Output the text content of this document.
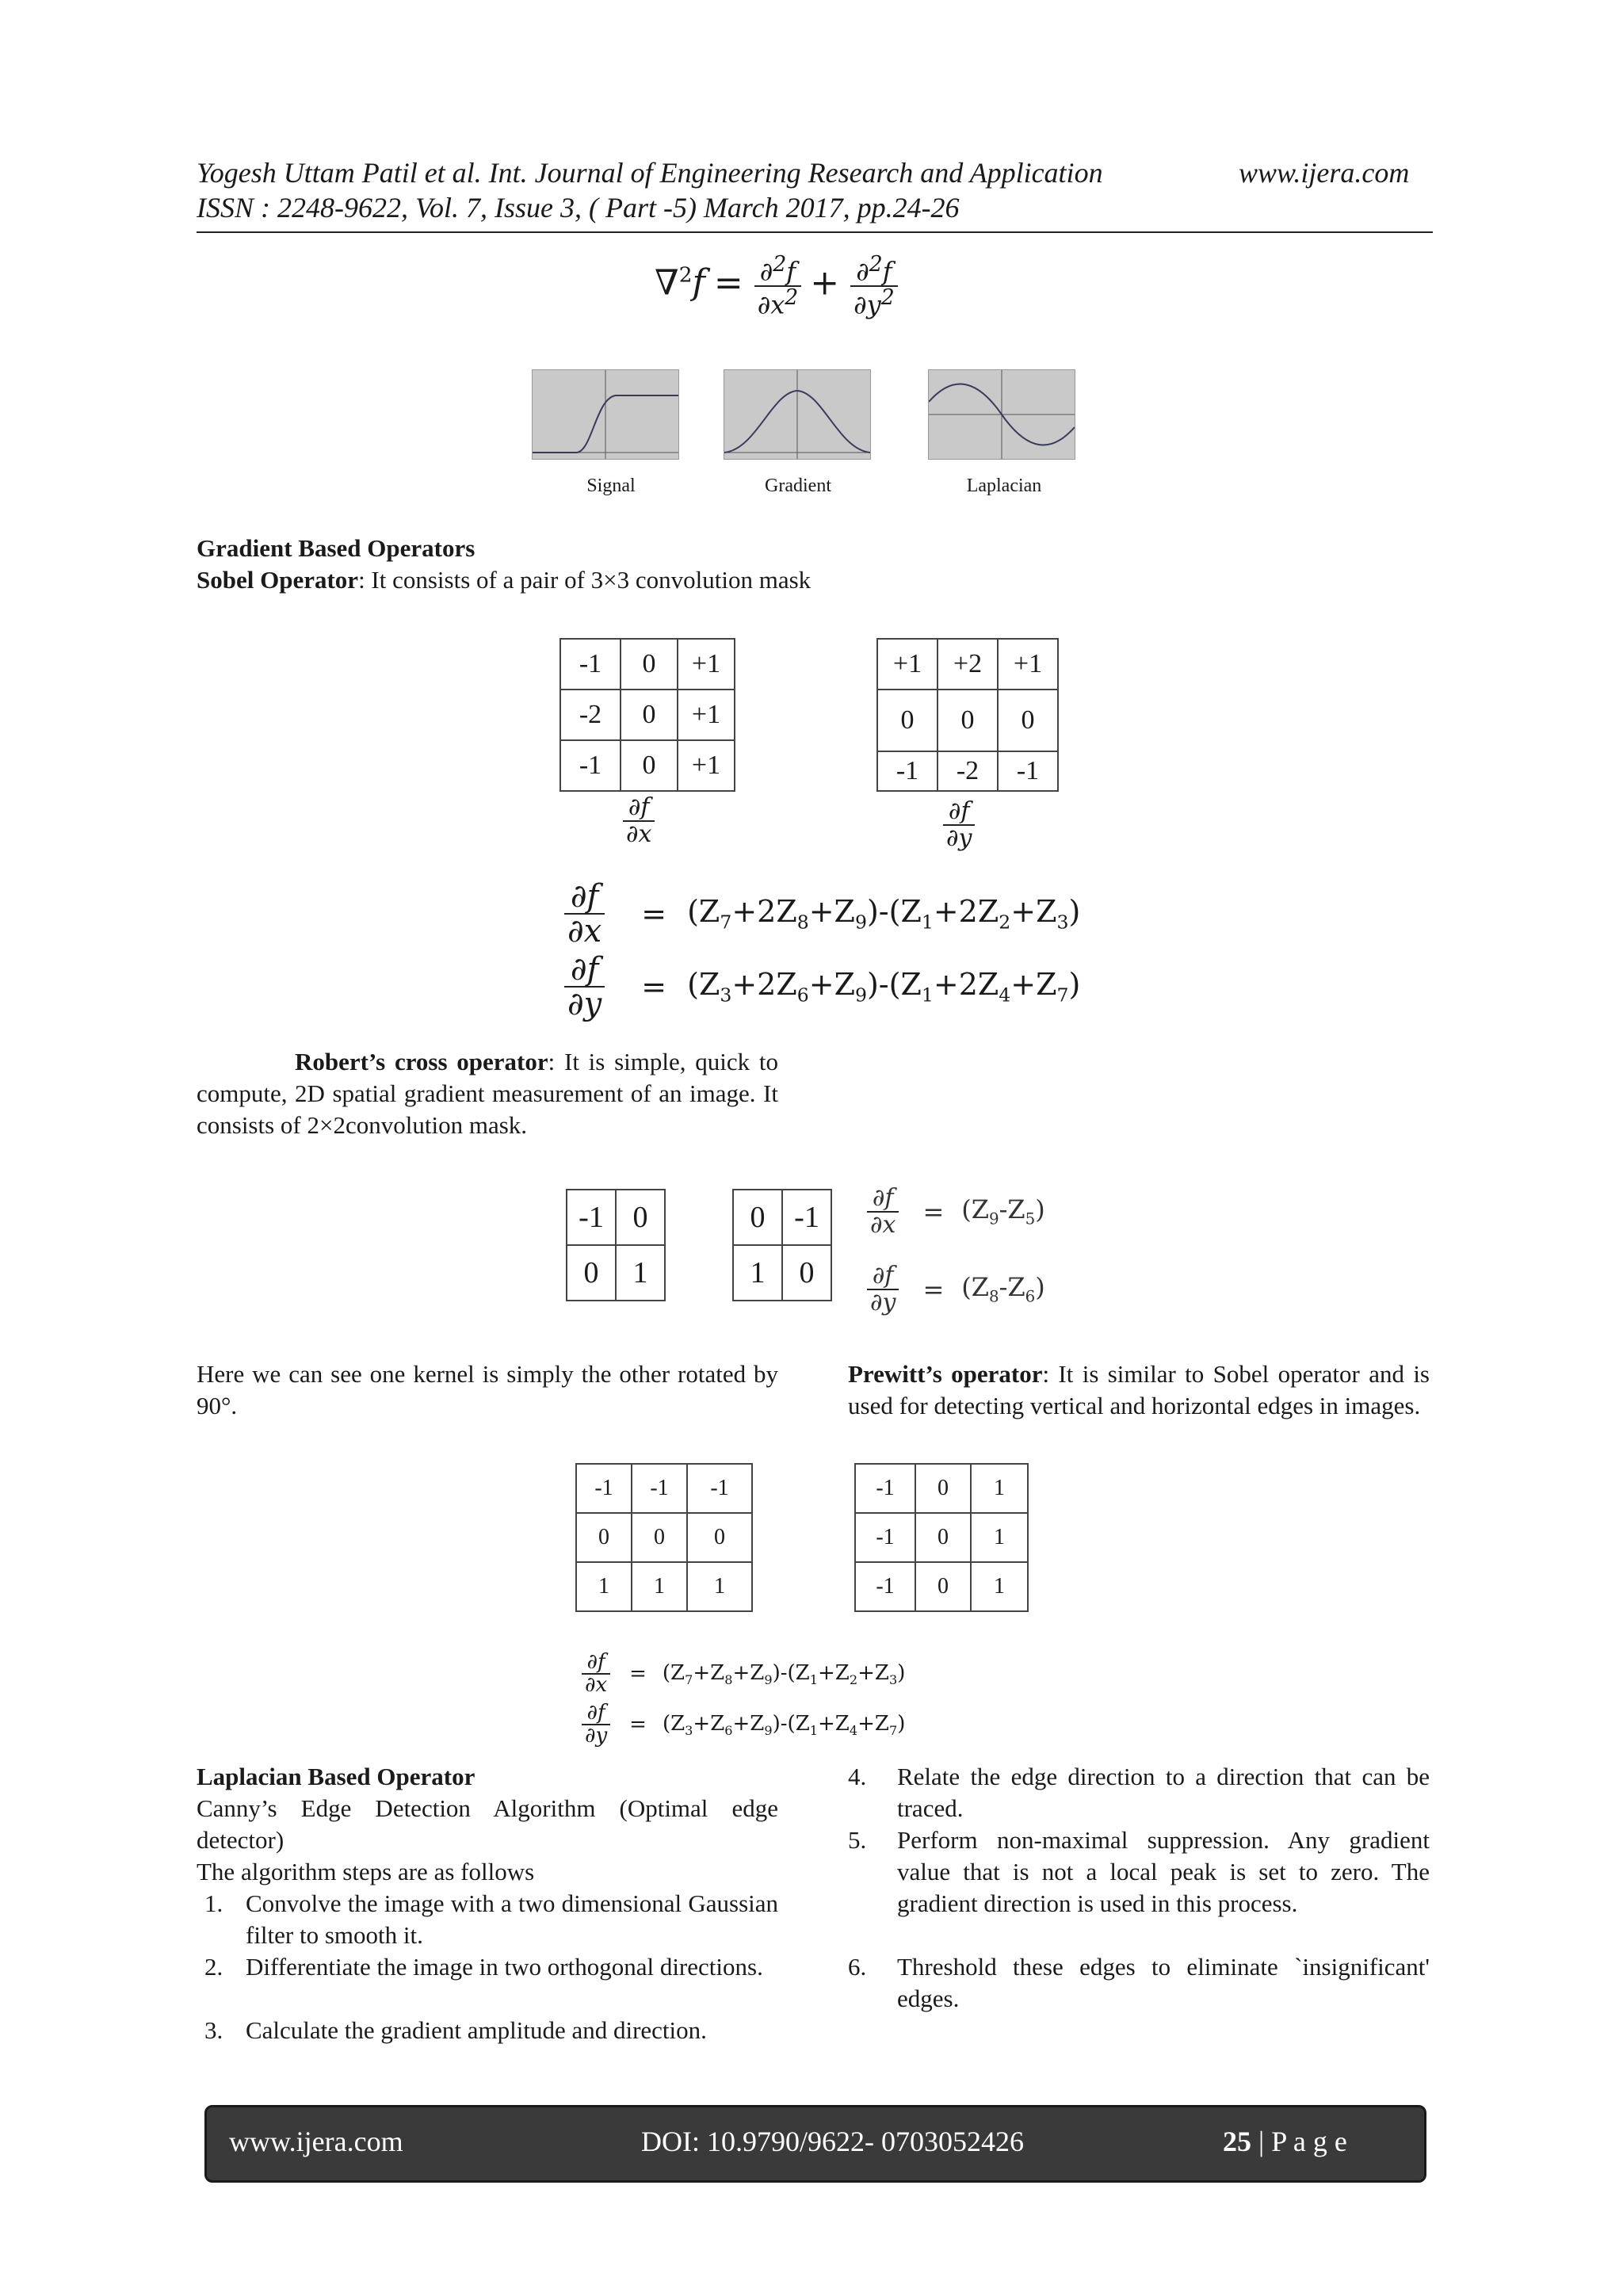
Yogesh Uttam Patil et al. Int. Journal of Engineering Research and Application	www.ijera.com
ISSN : 2248-9622, Vol. 7, Issue 3, ( Part -5) March 2017, pp.24-26
$\nabla^2f = \frac{\partial^2f}{\partial x^2} + \frac{\partial^2f}{\partial y^2}$
Signal	Gradient	Laplacian
Gradient Based Operators
Sobel Operator: It consists of a pair of 3×3 convolution mask
-1	0	+1
-2	0	+1
-1	0	+1
$\frac{\partial f}{\partial x}$
+1	+2	+1
0	0	0
-1	-2	-1
$\frac{\partial f}{\partial y}$
$\frac{\partial f}{\partial x} = (Z_7+2Z_8+Z_9)-(Z_1+2Z_2+Z_3)$
$\frac{\partial f}{\partial y} = (Z_3+2Z_6+Z_9)-(Z_1+2Z_4+Z_7)$
Robert’s cross operator: It is simple, quick to compute, 2D spatial gradient measurement of an image. It consists of 2×2convolution mask.
-1	0
0	1
0	-1
1	0
$\frac{\partial f}{\partial x} = (Z_9-Z_5)$
$\frac{\partial f}{\partial y} = (Z_8-Z_6)$
Here we can see one kernel is simply the other rotated by 90°.
Prewitt’s operator: It is similar to Sobel operator and is used for detecting vertical and horizontal edges in images.
-1	-1	-1
0	0	0
1	1	1
-1	0	1
-1	0	1
-1	0	1
$\frac{\partial f}{\partial x} = (Z_7+Z_8+Z_9)-(Z_1+Z_2+Z_3)$
$\frac{\partial f}{\partial y} = (Z_3+Z_6+Z_9)-(Z_1+Z_4+Z_7)$
Laplacian Based Operator
Canny’s Edge Detection Algorithm (Optimal edge detector)
The algorithm steps are as follows
1. Convolve the image with a two dimensional Gaussian filter to smooth it.
2. Differentiate the image in two orthogonal directions.
3. Calculate the gradient amplitude and direction.
4.	Relate the edge direction to a direction that can be traced.
5.	Perform non-maximal suppression. Any gradient value that is not a local peak is set to zero. The gradient direction is used in this process.
6.	Threshold these edges to eliminate `insignificant' edges.
www.ijera.com	DOI: 10.9790/9622- 0703052426	25 | P a g e
